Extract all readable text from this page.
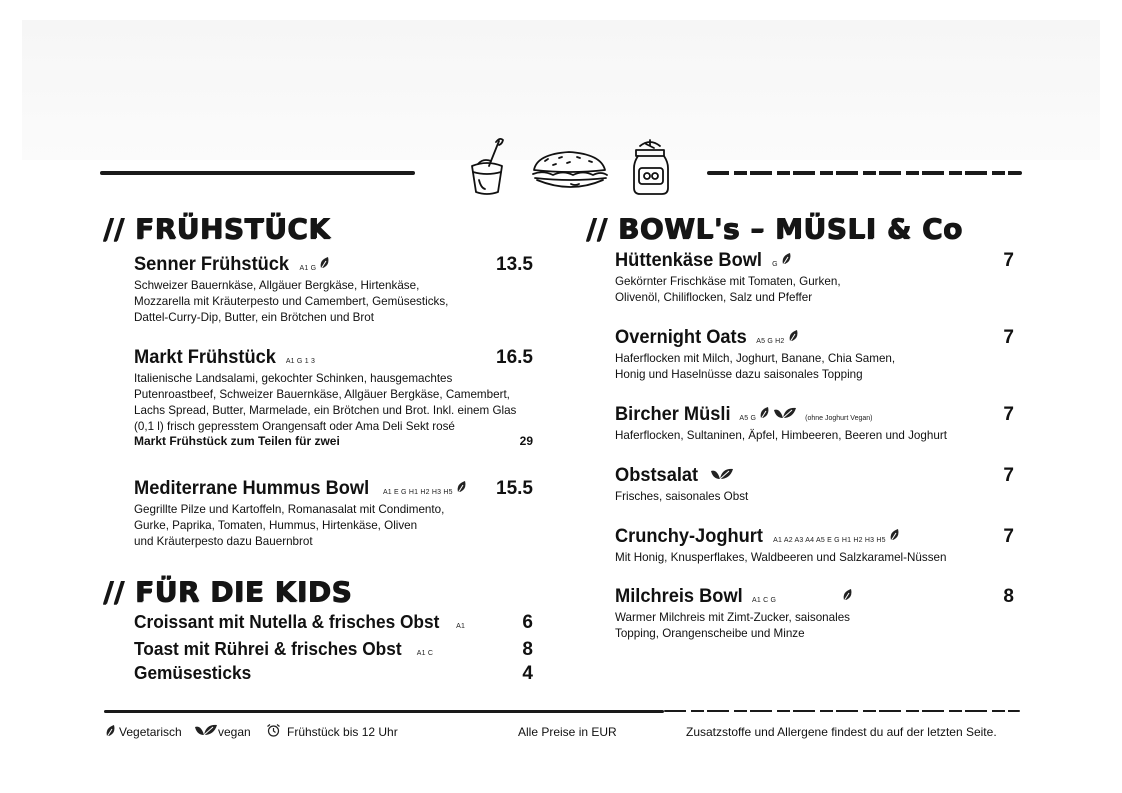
// FRÜHSTÜCK	// BOWL's – MÜSLI & Co
// FÜR DIE KIDS
Senner Frühstück A1 G	13.5
Schweizer Bauernkäse, Allgäuer Bergkäse, Hirtenkäse,
Mozzarella mit Kräuterpesto und Camembert, Gemüsesticks,
Dattel-Curry-Dip, Butter, ein Brötchen und Brot
Markt Frühstück A1 G 1 3	16.5
Italienische Landsalami, gekochter Schinken, hausgemachtes
Putenroastbeef, Schweizer Bauernkäse, Allgäuer Bergkäse, Camembert,
Lachs Spread, Butter, Marmelade, ein Brötchen und Brot. Inkl. einem Glas
(0,1 l) frisch gepresstem Orangensaft oder Ama Deli Sekt rosé
Markt Frühstück zum Teilen für zwei	29
Mediterrane Hummus Bowl A1 E G H1 H2 H3 H5 15.5
Gegrillte Pilze und Kartoffeln, Romanasalat mit Condimento,
Gurke, Paprika, Tomaten, Hummus, Hirtenkäse, Oliven
und Kräuterpesto dazu Bauernbrot
Croissant mit Nutella & frisches Obst A1	6
Toast mit Rührei & frisches Obst A1 C	8
Gemüsesticks	4
Hüttenkäse Bowl G	7
Gekörnter Frischkäse mit Tomaten, Gurken,
Olivenöl, Chiliflocken, Salz und Pfeffer
Overnight Oats A5 G H2	7
Haferflocken mit Milch, Joghurt, Banane, Chia Samen,
Honig und Haselnüsse dazu saisonales Topping
Bircher Müsli A5 G	(ohne Joghurt Vegan)	7
Haferflocken, Sultaninen, Äpfel, Himbeeren, Beeren und Joghurt
Obstsalat	7
Frisches, saisonales Obst
Crunchy-Joghurt A1 A2 A3 A4 A5 E G H1 H2 H3 H5	7
Mit Honig, Knusperflakes, Waldbeeren und Salzkaramel-Nüssen
Milchreis Bowl A1 C G	8
Warmer Milchreis mit Zimt-Zucker, saisonales
Topping, Orangenscheibe und Minze
Vegetarisch	vegan	Frühstück bis 12 Uhr	Alle Preise in EUR	Zusatzstoffe und Allergene findest du auf der letzten Seite.
